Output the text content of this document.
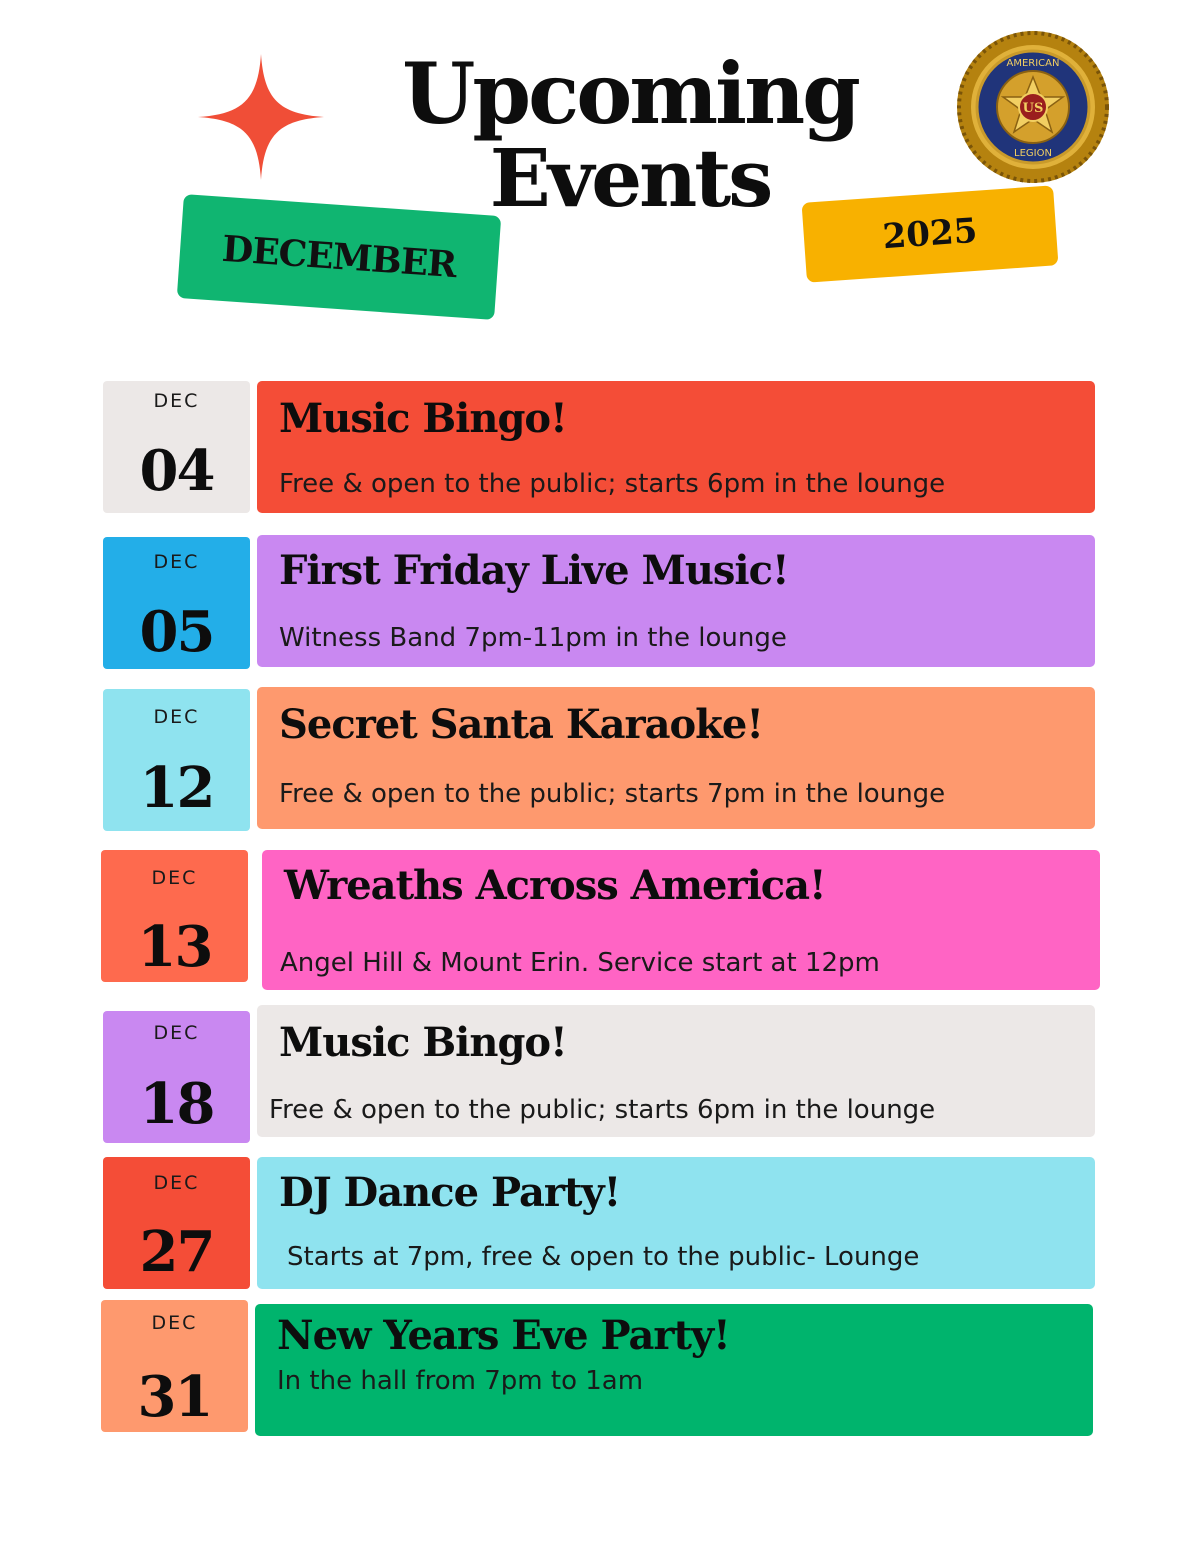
Upcoming
Events
DECEMBER	2025
US
AMERICAN
LEGION
DEC
04
Music Bingo!
Free & open to the public; starts 6pm in the lounge
DEC
05
First Friday Live Music!
Witness Band 7pm-11pm in the lounge
DEC
12
Secret Santa Karaoke!
Free & open to the public; starts 7pm in the lounge
DEC
13
Wreaths Across America!
Angel Hill & Mount Erin. Service start at 12pm
DEC
18
Music Bingo!
Free & open to the public; starts 6pm in the lounge
DEC
27
DJ Dance Party!
Starts at 7pm, free & open to the public- Lounge
DEC
31
New Years Eve Party!
In the hall from 7pm to 1am
